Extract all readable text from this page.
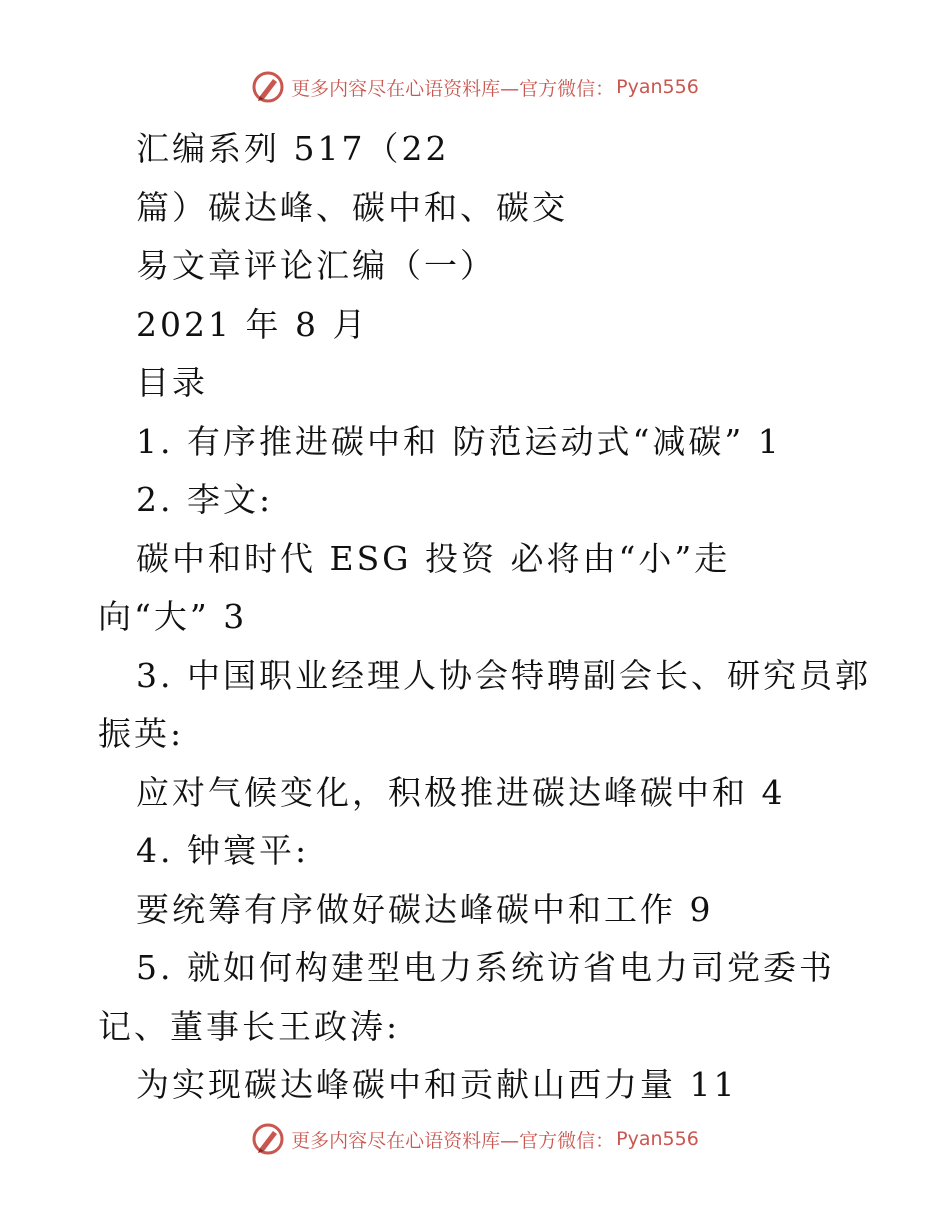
更多内容尽在心语资料库—官方微信： Pyan556
汇编系列 517（22
篇）碳达峰、碳中和、碳交
易文章评论汇编（一）
2021 年 8 月
目录
1. 有序推进碳中和 防范运动式“减碳” 1
2. 李文:
碳中和时代 ESG 投资 必将由“小”走
向“大” 3
3. 中国职业经理人协会特聘副会长、研究员郭
振英:
应对气候变化，积极推进碳达峰碳中和 4
4. 钟寰平:
要统筹有序做好碳达峰碳中和工作 9
5. 就如何构建型电力系统访省电力司党委书
记、董事长王政涛:
为实现碳达峰碳中和贡献山西力量 11
更多内容尽在心语资料库—官方微信： Pyan556
